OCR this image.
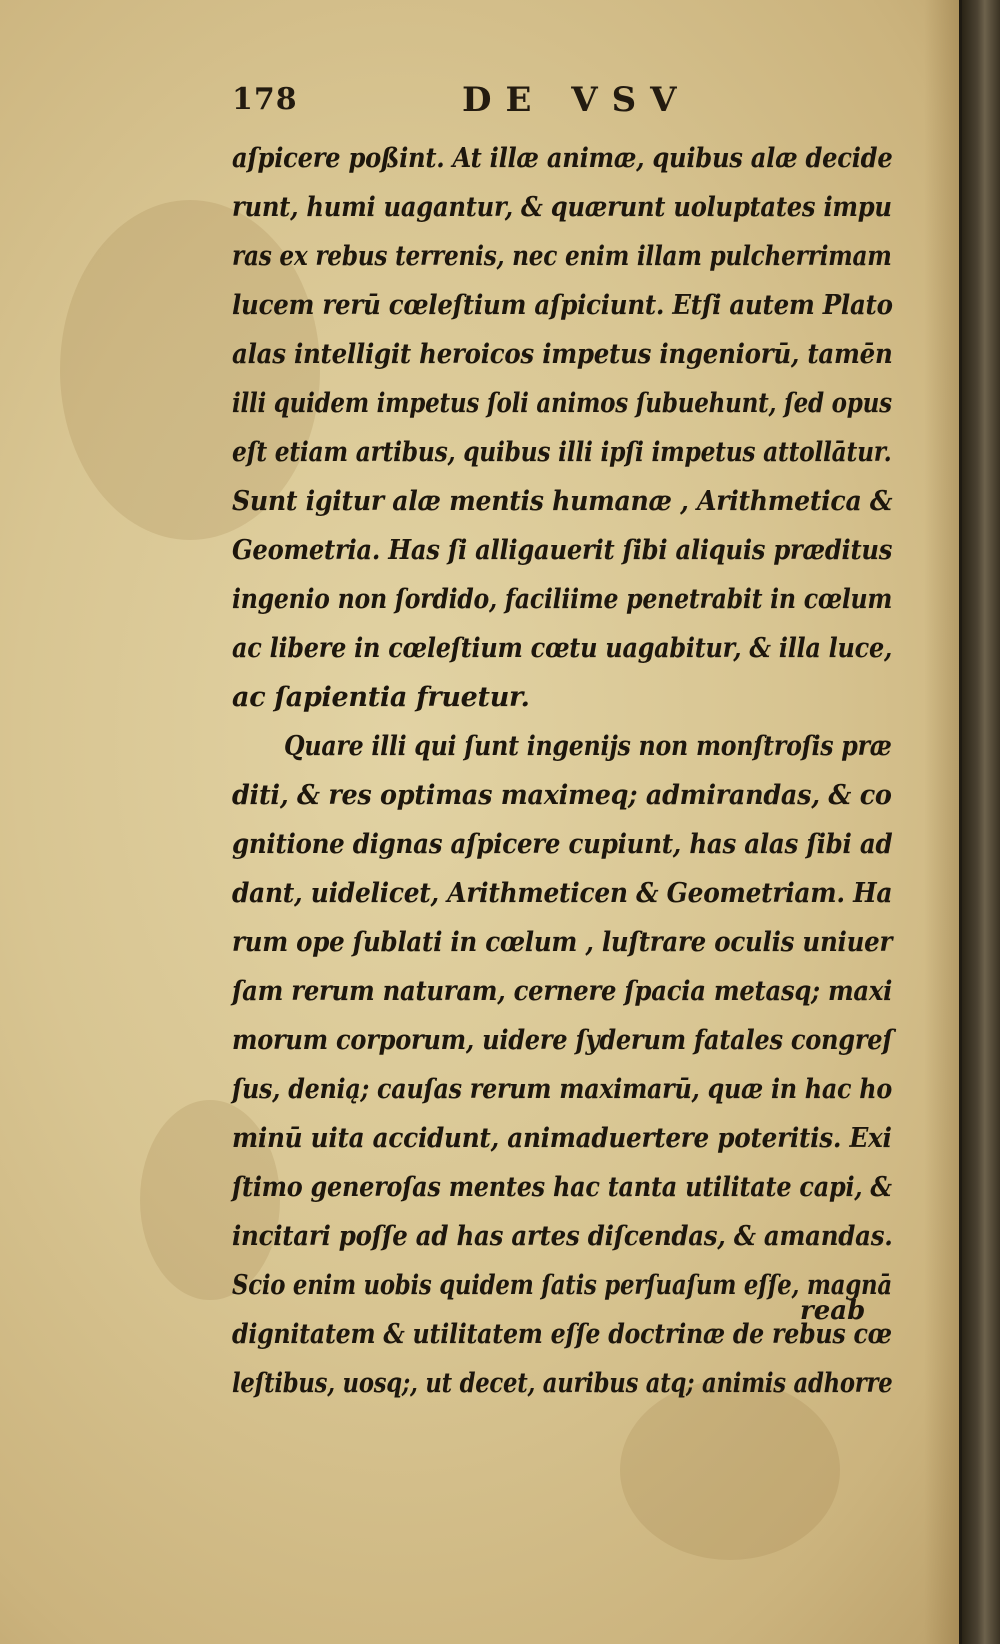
178	DE VSV
aſpicere poßint. At illæ animæ, quibus alæ decide
runt, humi uagantur, & quærunt uoluptates impu
ras ex rebus terrenis, nec enim illam pulcherrimam
lucem rerū cœleſtium aſpiciunt. Etſi autem Plato
alas intelligit heroicos impetus ingeniorū, tamēn
illi quidem impetus ſoli animos ſubuehunt, ſed opus
eſt etiam artibus, quibus illi ipſi impetus attollātur.
Sunt igitur alæ mentis humanæ , Arithmetica &
Geometria. Has ſi alligauerit ſibi aliquis præditus
ingenio non ſordido, faciliime penetrabit in cœlum
ac libere in cœleſtium cœtu uagabitur, & illa luce,
ac ſapientia fruetur.
Quare illi qui ſunt ingenijs non monſtroſis præ
diti, & res optimas maximeq; admirandas, & co
gnitione dignas aſpicere cupiunt, has alas ſibi ad
dant, uidelicet, Arithmeticen & Geometriam. Ha
rum ope ſublati in cœlum , luſtrare oculis uniuer
ſam rerum naturam, cernere ſpacia metasq; maxi
morum corporum, uidere ſyderum fatales congreſ
ſus, denią; cauſas rerum maximarū, quæ in hac ho
minū uita accidunt, animaduertere poteritis. Exi
ſtimo generoſas mentes hac tanta utilitate capi, &
incitari poſſe ad has artes diſcendas, & amandas.
Scio enim uobis quidem ſatis perſuaſum eſſe, magnā
dignitatem & utilitatem eſſe doctrinæ de rebus cœ
leſtibus, uosq;, ut decet, auribus atq; animis adhorre
reab
